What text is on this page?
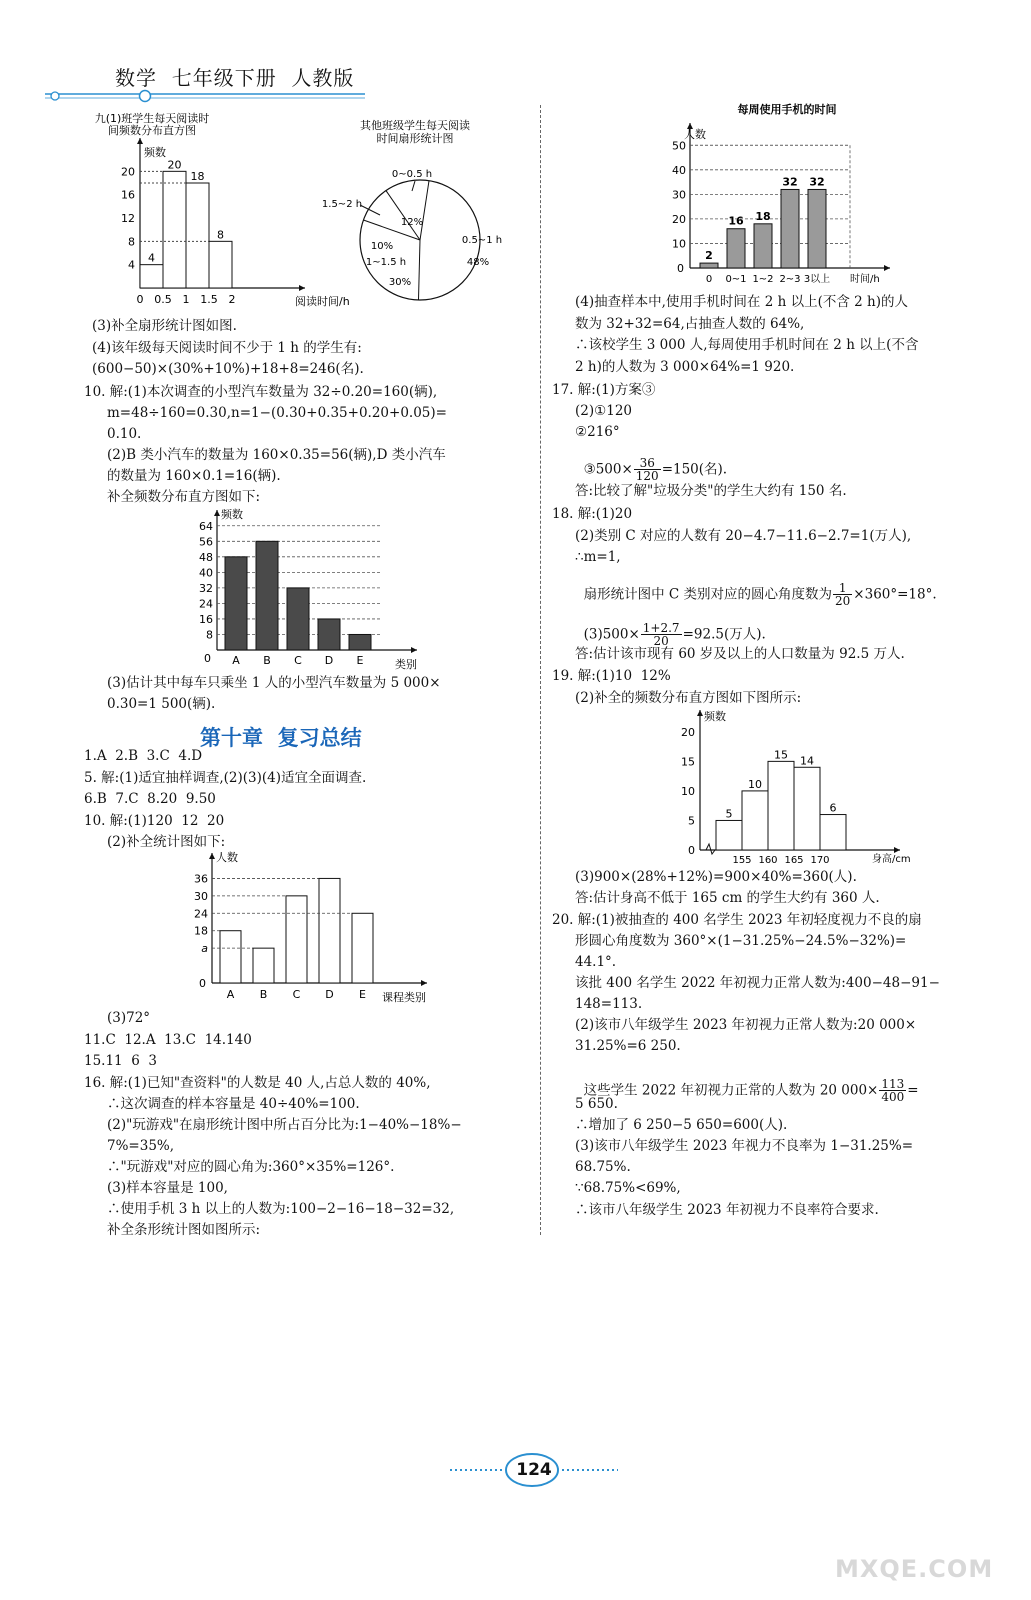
数学  七年级下册  人教版
(3)补全扇形统计图如图.
(4)该年级每天阅读时间不少于 1 h 的学生有:
(600−50)×(30%+10%)+18+8=246(名).
10. 解:(1)本次调查的小型汽车数量为 32÷0.20=160(辆),
m=48÷160=0.30,n=1−(0.30+0.35+0.20+0.05)=
0.10.
(2)B 类小汽车的数量为 160×0.35=56(辆),D 类小汽车
的数量为 160×0.1=16(辆).
补全频数分布直方图如下:
(3)估计其中每车只乘坐 1 人的小型汽车数量为 5 000×
0.30=1 500(辆).
1.A  2.B  3.C  4.D
5. 解:(1)适宜抽样调查,(2)(3)(4)适宜全面调查.
6.B  7.C  8.20  9.50
10. 解:(1)120  12  20
(2)补全统计图如下:
(3)72°
11.C  12.A  13.C  14.140
15.11  6  3
16. 解:(1)已知"查资料"的人数是 40 人,占总人数的 40%,
∴这次调查的样本容量是 40÷40%=100.
(2)"玩游戏"在扇形统计图中所占百分比为:1−40%−18%−
7%=35%,
∴"玩游戏"对应的圆心角为:360°×35%=126°.
(3)样本容量是 100,
∴使用手机 3 h 以上的人数为:100−2−16−18−32=32,
补全条形统计图如图所示:
(4)抽查样本中,使用手机时间在 2 h 以上(不含 2 h)的人
数为 32+32=64,占抽查人数的 64%,
∴该校学生 3 000 人,每周使用手机时间在 2 h 以上(不含
2 h)的人数为 3 000×64%=1 920.
17. 解:(1)方案③
(2)①120
②216°
答:比较了解"垃圾分类"的学生大约有 150 名.
18. 解:(1)20
(2)类别 C 对应的人数有 20−4.7−11.6−2.7=1(万人),
∴m=1,
答:估计该市现有 60 岁及以上的人口数量为 92.5 万人.
19. 解:(1)10  12%
(2)补全的频数分布直方图如下图所示:
(3)900×(28%+12%)=900×40%=360(人).
答:估计身高不低于 165 cm 的学生大约有 360 人.
20. 解:(1)被抽查的 400 名学生 2023 年初轻度视力不良的扇
形圆心角度数为 360°×(1−31.25%−24.5%−32%)=
44.1°.
该批 400 名学生 2022 年初视力正常人数为:400−48−91−
148=113.
(2)该市八年级学生 2023 年初视力正常人数为:20 000×
31.25%=6 250.
5 650.
∴增加了 6 250−5 650=600(人).
(3)该市八年级学生 2023 年视力不良率为 1−31.25%=
68.75%.
∵68.75%<69%,
∴该市八年级学生 2023 年初视力不良率符合要求.
第十章  复习总结

③500× $\frac{36}{120} =150$(名).

扇形统计图中 C 类别对应的圆心角度数为 $\frac{1}{20} \times 360^\circ=18^\circ$.

$(3)500\times \frac{1+2.7}{20} =92.5$(万人).

这些学生 2022 年初视力正常的人数为 20 $000\times \frac{113}{400}$ =

九(1)班学生每天阅读时
间频数分布直方图
频数
阅读时间/h
4
8
12
16
20
0 0.5 1 1.5 2
4
20
18
8
其他班级学生每天阅读
时间扇形统计图
0.5~1 h
48%
1~1.5 h
30%
1.5~2 h
10%
0~0.5 h
12%
频数
类别
0
8
16
24
32
40
48
56
64
A B C D E
人数
课程类别
0
a
18
24
30
36
A B C D E
每周使用手机的时间
人数
时间/h
0
10
20
30
40
50
2
0
16
0~1
18
1~2
32
2~3
32
3以上
频数
身高/cm
0
5
10
15
20
5
10
15 14
6
155 160 165 170
124
MXQE.COM
